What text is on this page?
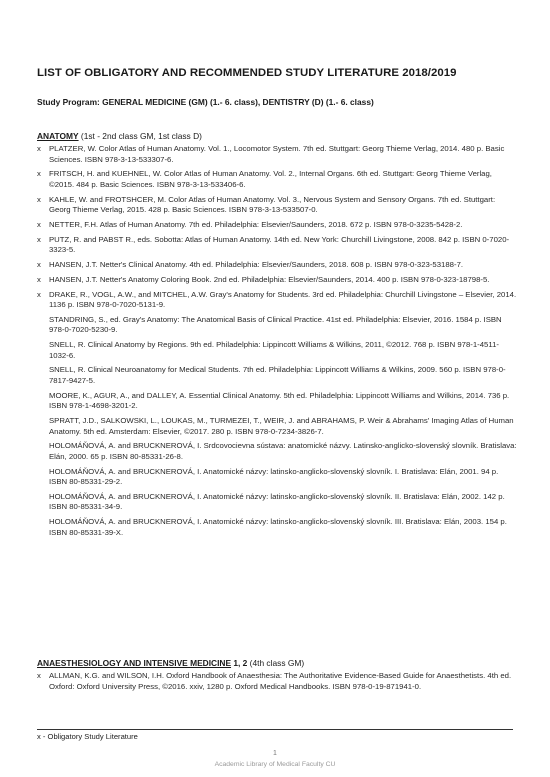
LIST OF OBLIGATORY AND RECOMMENDED STUDY LITERATURE 2018/2019

Study Program: GENERAL MEDICINE (GM) (1.- 6. class), DENTISTRY (D) (1.- 6. class)

ANATOMY (1st - 2nd class GM, 1st class D)

x	PLATZER, W. Color Atlas of Human Anatomy. Vol. 1., Locomotor System. 7th ed. Stuttgart: Georg Thieme Verlag, 2014. 480 p. Basic Sciences. ISBN 978-3-13-533307-6.

x	FRITSCH, H. and KUEHNEL, W. Color Atlas of Human Anatomy. Vol. 2., Internal Organs. 6th ed. Stuttgart: Georg Thieme Verlag, ©2015. 484 p. Basic Sciences. ISBN 978-3-13-533406-6.

x	KAHLE, W. and FROTSHCER, M. Color Atlas of Human Anatomy. Vol. 3., Nervous System and Sensory Organs. 7th ed. Stuttgart: Georg Thieme Verlag, 2015. 428 p. Basic Sciences. ISBN 978-3-13-533507-0.

x	NETTER, F.H. Atlas of Human Anatomy. 7th ed. Philadelphia: Elsevier/Saunders, 2018. 672 p. ISBN 978-0-3235-5428-2.

x	PUTZ, R. and PABST R., eds. Sobotta: Atlas of Human Anatomy. 14th ed. New York: Churchill Livingstone, 2008. 842 p. ISBN 0-7020-3323-5.

x	HANSEN, J.T. Netter's Clinical Anatomy. 4th ed. Philadelphia: Elsevier/Saunders, 2018. 608 p. ISBN 978-0-323-53188-7.

x	HANSEN, J.T. Netter's Anatomy Coloring Book. 2nd ed. Philadelphia: Elsevier/Saunders, 2014. 400 p. ISBN 978-0-323-18798-5.

x	DRAKE, R., VOGL, A.W., and MITCHEL, A.W. Gray's Anatomy for Students. 3rd ed. Philadelphia: Churchill Livingstone – Elsevier, 2014. 1136 p. ISBN 978-0-7020-5131-9.

STANDRING, S., ed. Gray's Anatomy: The Anatomical Basis of Clinical Practice. 41st ed. Philadelphia: Elsevier, 2016. 1584 p. ISBN 978-0-7020-5230-9.

SNELL, R. Clinical Anatomy by Regions. 9th ed. Philadelphia: Lippincott Williams & Wilkins, 2011, ©2012. 768 p. ISBN 978-1-4511-1032-6.

SNELL, R. Clinical Neuroanatomy for Medical Students. 7th ed. Philadelphia: Lippincott Williams & Wilkins, 2009. 560 p. ISBN 978-0-7817-9427-5.

MOORE, K., AGUR, A., and DALLEY, A. Essential Clinical Anatomy. 5th ed. Philadelphia: Lippincott Williams and Wilkins, 2014. 736 p. ISBN 978-1-4698-3201-2.

SPRATT, J.D., SALKOWSKI, L., LOUKAS, M., TURMEZEI, T., WEIR, J. and ABRAHAMS, P. Weir & Abrahams' Imaging Atlas of Human Anatomy. 5th ed. Amsterdam: Elsevier, ©2017. 280 p. ISBN 978-0-7234-3826-7.

HOLOMÁŇOVÁ, A. and BRUCKNEROVÁ, I. Srdcovocievna sústava: anatomické názvy. Latinsko-anglicko-slovenský slovník. Bratislava: Elán, 2000. 65 p. ISBN 80-85331-26-8.

HOLOMÁŇOVÁ, A. and BRUCKNEROVÁ, I. Anatomické názvy: latinsko-anglicko-slovenský slovník. I. Bratislava: Elán, 2001. 94 p. ISBN 80-85331-29-2.

HOLOMÁŇOVÁ, A. and BRUCKNEROVÁ, I. Anatomické názvy: latinsko-anglicko-slovenský slovník. II. Bratislava: Elán, 2002. 142 p. ISBN 80-85331-34-9.

HOLOMÁŇOVÁ, A. and BRUCKNEROVÁ, I. Anatomické názvy: latinsko-anglicko-slovenský slovník. III. Bratislava: Elán, 2003. 154 p. ISBN 80-85331-39-X.

ANAESTHESIOLOGY AND INTENSIVE MEDICINE 1, 2 (4th class GM)

x	ALLMAN, K.G. and WILSON, I.H. Oxford Handbook of Anaesthesia: The Authoritative Evidence-Based Guide for Anaesthetists. 4th ed. Oxford: Oxford University Press, ©2016. xxiv, 1280 p. Oxford Medical Handbooks. ISBN 978-0-19-871941-0.

x - Obligatory Study Literature
1
Academic Library of Medical Faculty CU
